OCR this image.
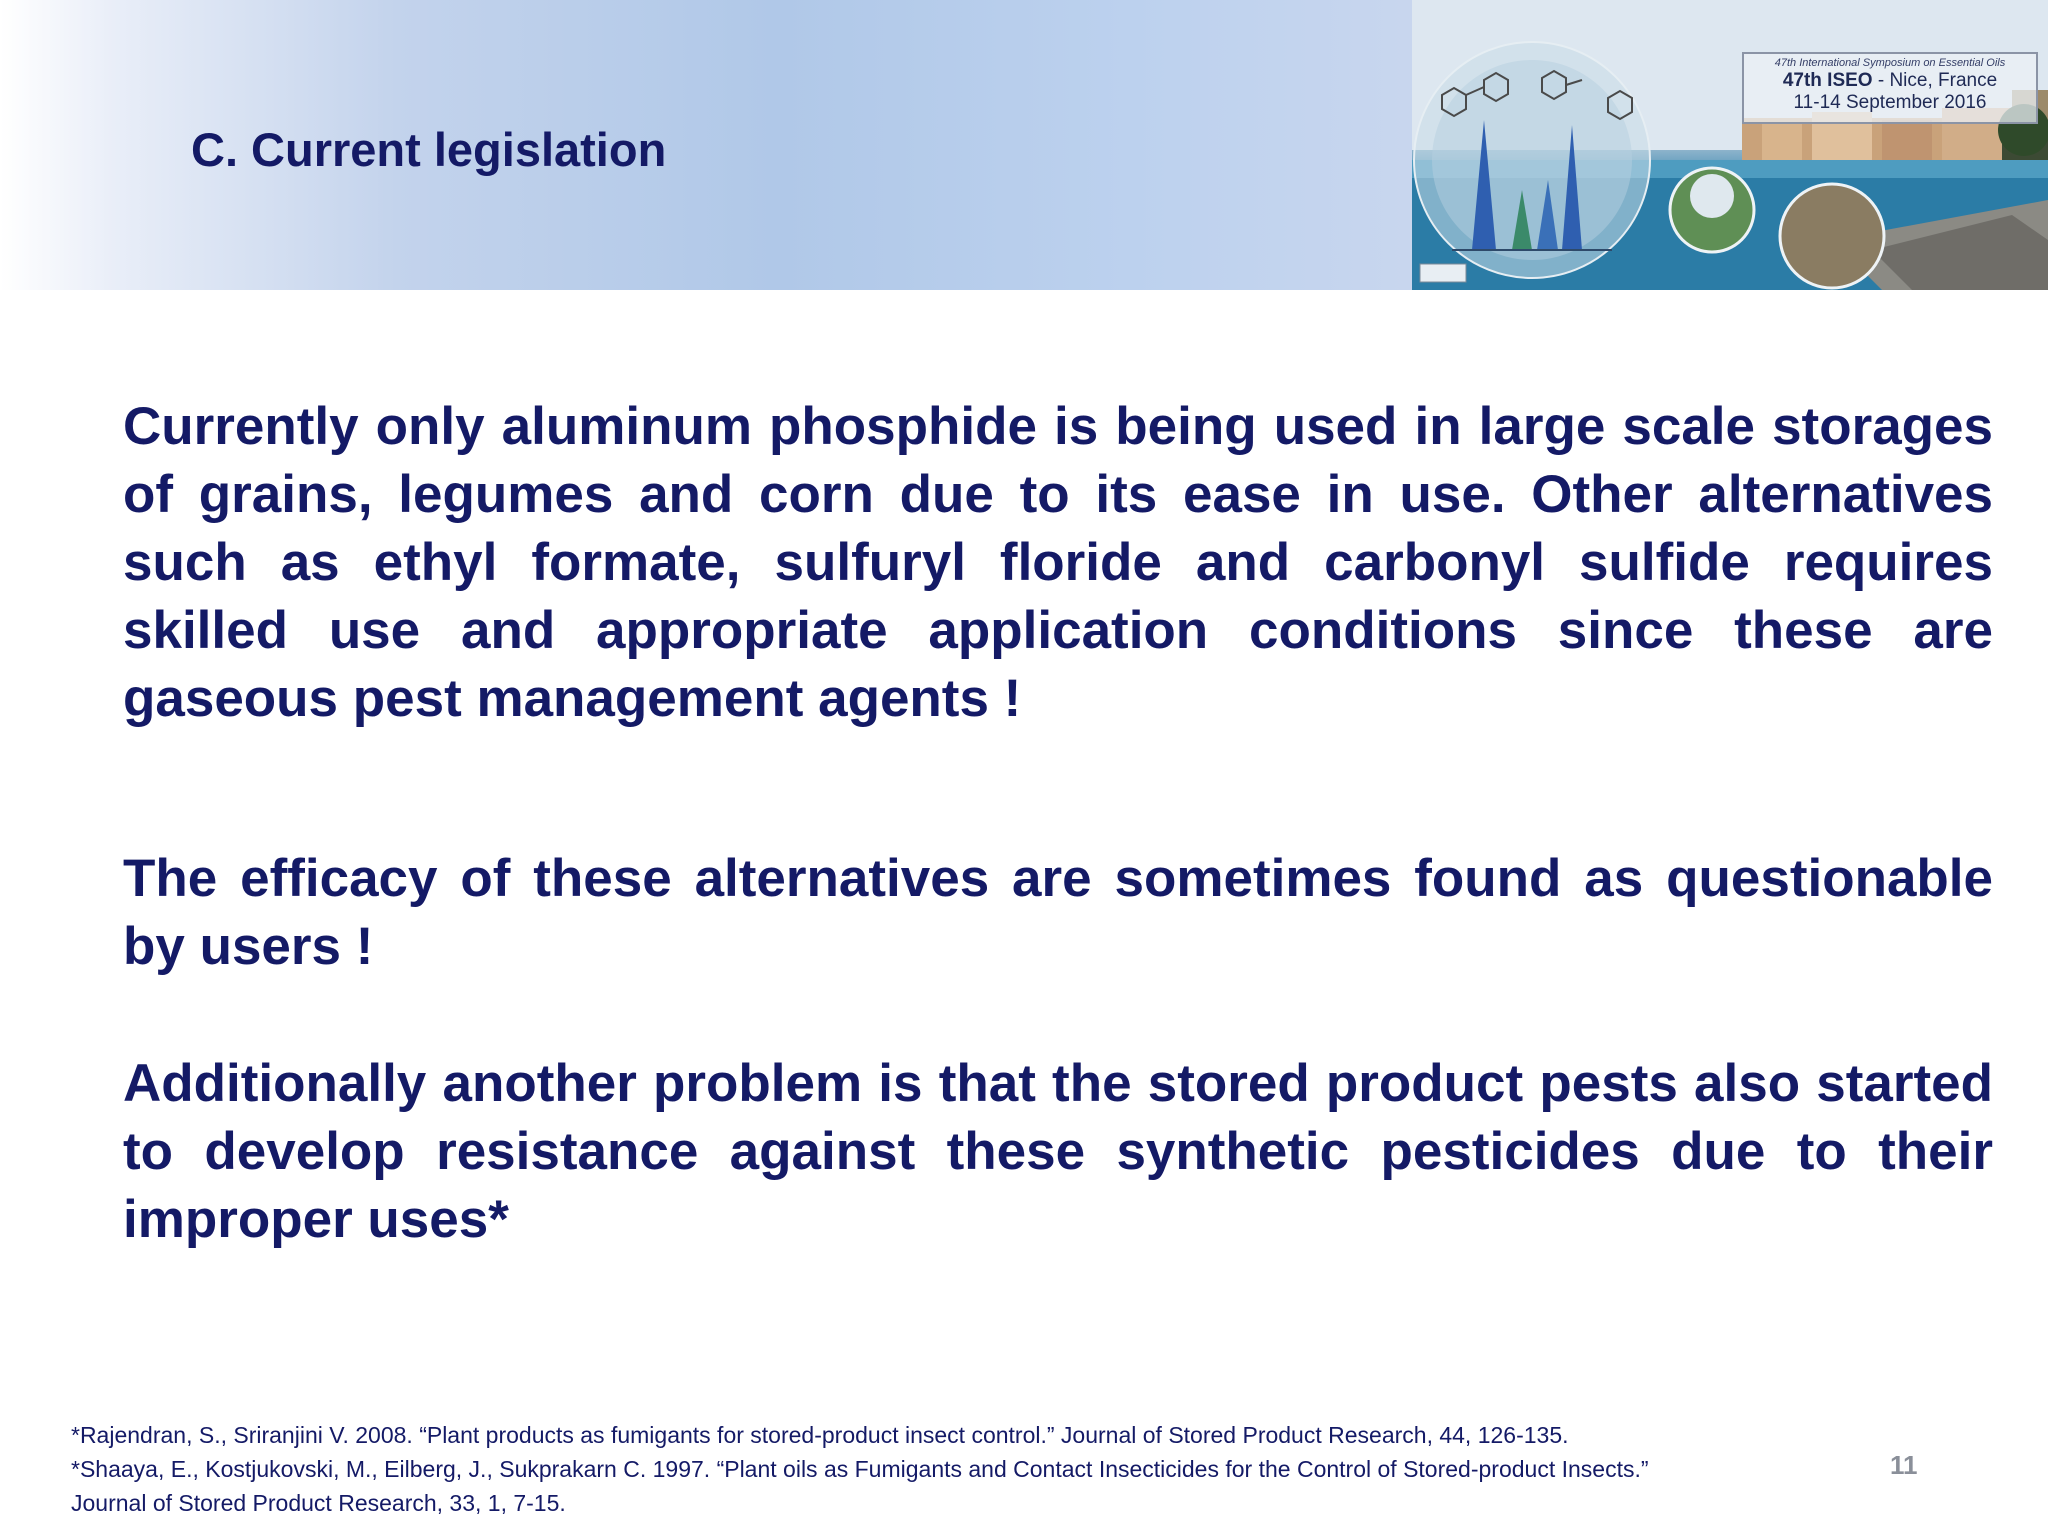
C. Current legislation
47th International Symposium on Essential Oils
47th ISEO - Nice, France
11-14 September 2016
Currently only aluminum phosphide is being used in large scale storages of grains, legumes and corn due to its ease in use. Other alternatives such as ethyl formate, sulfuryl floride and carbonyl sulfide requires skilled use and appropriate application conditions since these are gaseous pest management agents !
The efficacy of these alternatives are sometimes found as questionable by users !
Additionally another problem is that the stored product pests also started to develop resistance against these synthetic pesticides due to their improper uses*
*Rajendran, S., Sriranjini V. 2008. “Plant products as fumigants for stored-product insect control.” Journal of Stored Product Research, 44, 126-135.
*Shaaya, E., Kostjukovski, M., Eilberg, J., Sukprakarn C. 1997. “Plant oils as Fumigants and Contact Insecticides for the Control of Stored-product Insects.”
Journal of Stored Product Research, 33, 1, 7-15.
11
